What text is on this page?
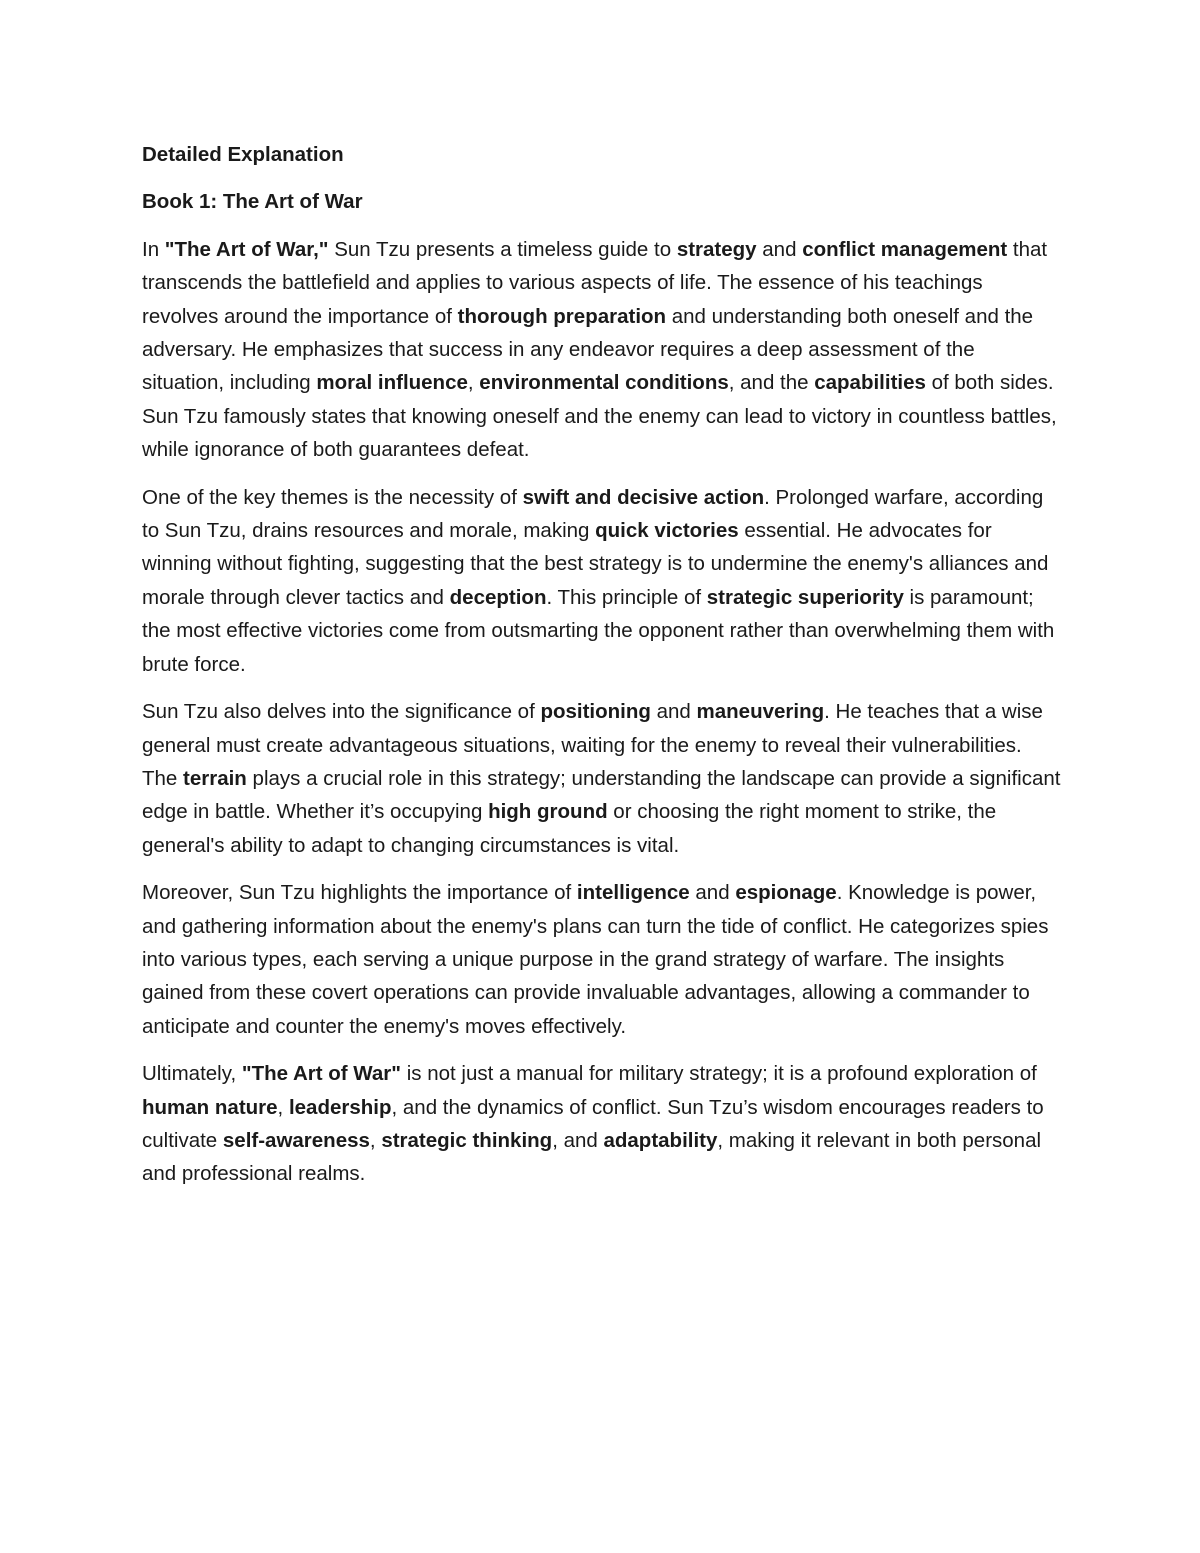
Detailed Explanation

Book 1: The Art of War

In "The Art of War," Sun Tzu presents a timeless guide to strategy and conflict management that transcends the battlefield and applies to various aspects of life. The essence of his teachings revolves around the importance of thorough preparation and understanding both oneself and the adversary. He emphasizes that success in any endeavor requires a deep assessment of the situation, including moral influence, environmental conditions, and the capabilities of both sides. Sun Tzu famously states that knowing oneself and the enemy can lead to victory in countless battles, while ignorance of both guarantees defeat.

One of the key themes is the necessity of swift and decisive action. Prolonged warfare, according to Sun Tzu, drains resources and morale, making quick victories essential. He advocates for winning without fighting, suggesting that the best strategy is to undermine the enemy's alliances and morale through clever tactics and deception. This principle of strategic superiority is paramount; the most effective victories come from outsmarting the opponent rather than overwhelming them with brute force.

Sun Tzu also delves into the significance of positioning and maneuvering. He teaches that a wise general must create advantageous situations, waiting for the enemy to reveal their vulnerabilities. The terrain plays a crucial role in this strategy; understanding the landscape can provide a significant edge in battle. Whether it’s occupying high ground or choosing the right moment to strike, the general's ability to adapt to changing circumstances is vital.

Moreover, Sun Tzu highlights the importance of intelligence and espionage. Knowledge is power, and gathering information about the enemy's plans can turn the tide of conflict. He categorizes spies into various types, each serving a unique purpose in the grand strategy of warfare. The insights gained from these covert operations can provide invaluable advantages, allowing a commander to anticipate and counter the enemy's moves effectively.

Ultimately, "The Art of War" is not just a manual for military strategy; it is a profound exploration of human nature, leadership, and the dynamics of conflict. Sun Tzu’s wisdom encourages readers to cultivate self-awareness, strategic thinking, and adaptability, making it relevant in both personal and professional realms.
